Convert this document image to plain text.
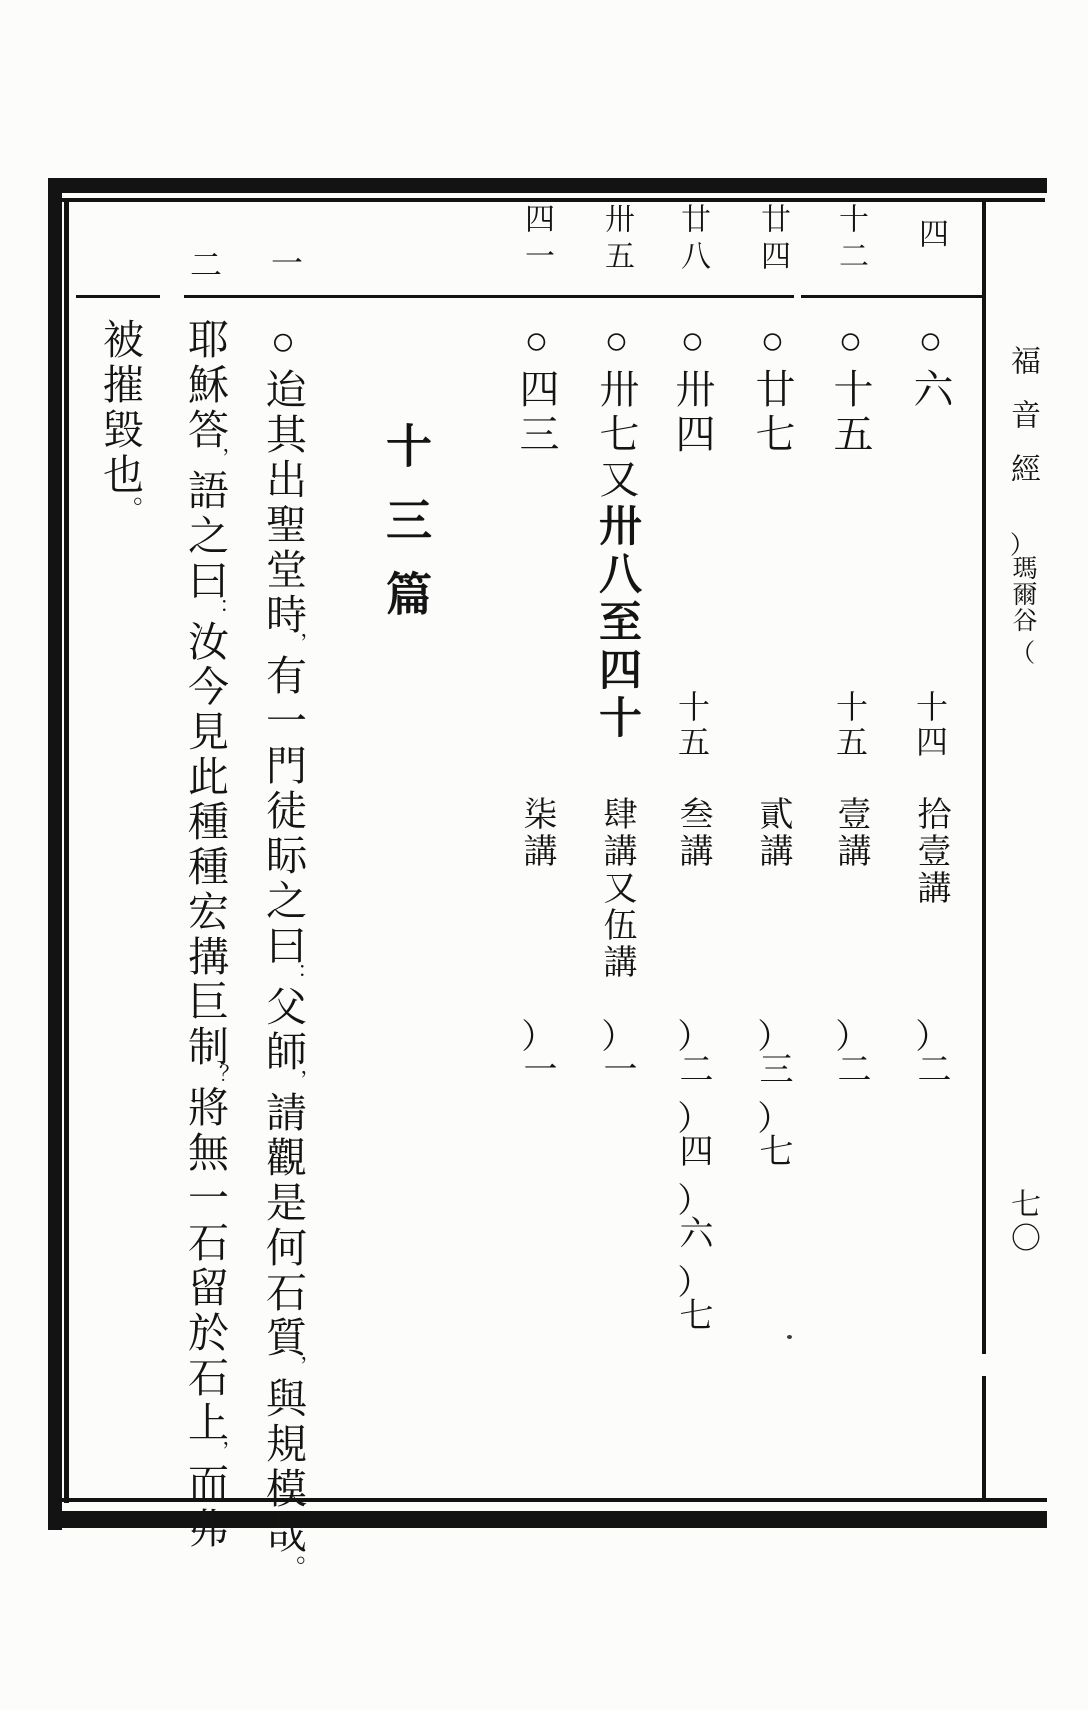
福音經（瑪爾谷）
七〇
四
○六
十四
拾壹講
（二
十二
○十五
十五
壹講
（二
廿四
○廿七
貳講
（三（七
廿八
○卅四
十五
叁講
（二（四（六（七
卅五
○卅七又卅八至四十
肆講又伍講
（一
四一
○四三
柒講
（一
十三篇
一
二
○迨其出聖堂時，有一門徒眎之曰：父師，請觀是何石質，與規模哉。
耶穌答，語之曰：汝今見此種種宏搆巨制？將無一石留於石上，而弗
被摧毀也。
